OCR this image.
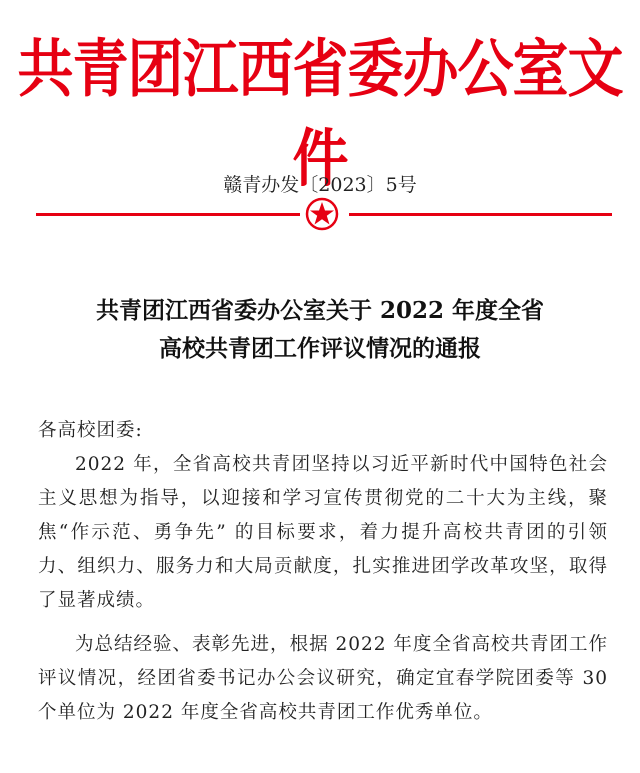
共青团江西省委办公室文件
赣青办发〔2023〕5号
共青团江西省委办公室关于 2022 年度全省
高校共青团工作评议情况的通报

各高校团委:

2022 年，全省高校共青团坚持以习近平新时代中国特色社会主义思想为指导，以迎接和学习宣传贯彻党的二十大为主线，聚焦“作示范、勇争先” 的目标要求，着力提升高校共青团的引领力、组织力、服务力和大局贡献度，扎实推进团学改革攻坚，取得了显著成绩。

为总结经验、表彰先进，根据 2022 年度全省高校共青团工作评议情况，经团省委书记办公会议研究，确定宜春学院团委等 30 个单位为 2022 年度全省高校共青团工作优秀单位。
